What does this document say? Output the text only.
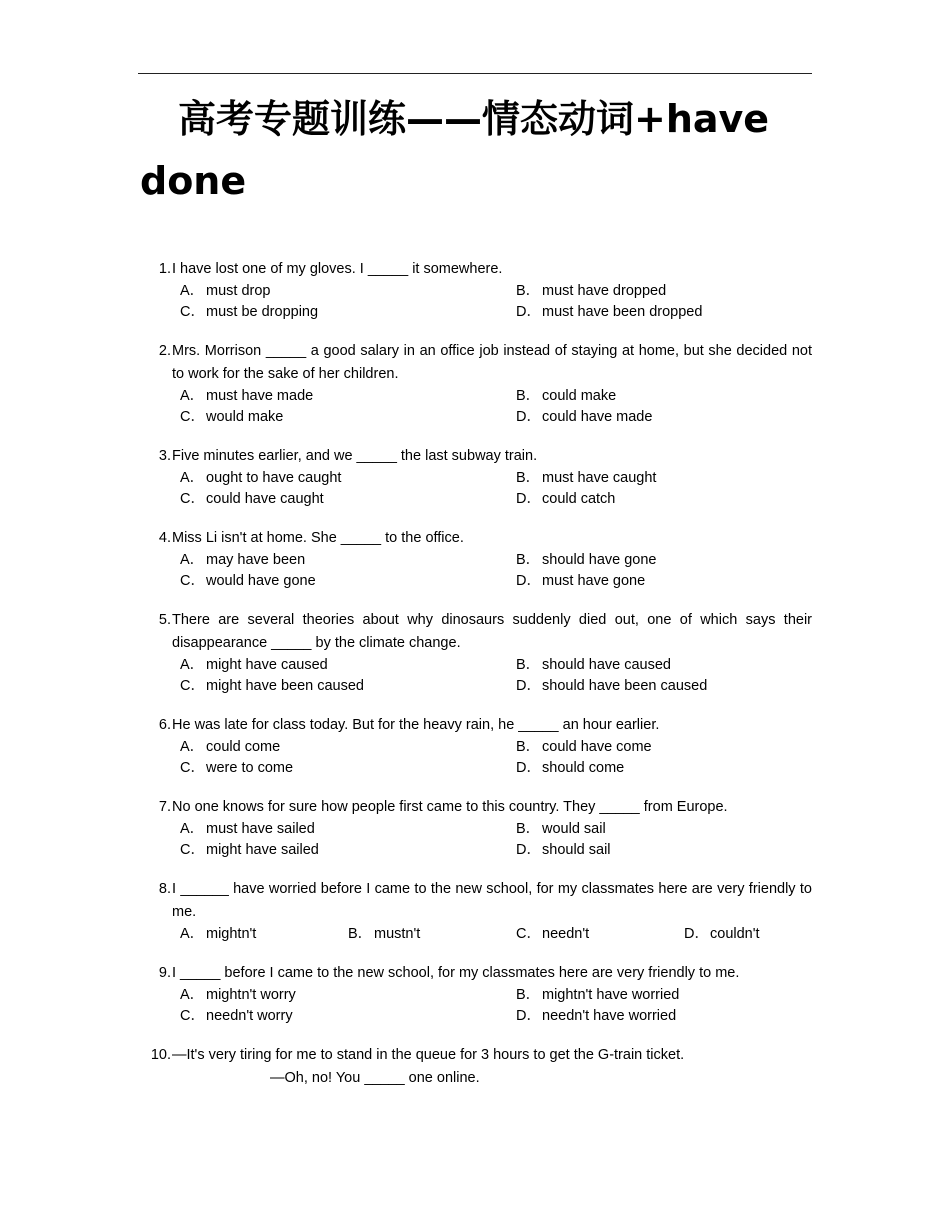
高考专题训练——情态动词+have done
1. I have lost one of my gloves. I _____ it somewhere.
A． must drop	B． must have dropped
C．must be dropping	D．must have been dropped
2. Mrs. Morrison _____ a good salary in an office job instead of staying at home, but she decided not to work for the sake of her children.
A． must have made	B． could make
C．would make	D．could have made
3. Five minutes earlier, and we _____ the last subway train.
A． ought to have caught	B． must have caught
C．could have caught	D．could catch
4. Miss Li isn't at home. She _____ to the office.
A． may have been	B． should have gone
C．would have gone	D．must have gone
5. There are several theories about why dinosaurs suddenly died out, one of which says their disappearance _____ by the climate change.
A． might have caused	B． should have caused
C．might have been caused	D．should have been caused
6. He was late for class today. But for the heavy rain, he _____ an hour earlier.
A． could come	B． could have come
C．were to come	D．should come
7. No one knows for sure how people first came to this country. They _____ from Europe.
A． must have sailed	B． would sail
C．might have sailed	D．should sail
8. I ______ have worried before I came to the new school, for my classmates here are very friendly to me.
A． mightn't	B． mustn't	C．needn't	D．couldn't
9. I _____ before I came to the new school, for my classmates here are very friendly to me.
A． mightn't worry	B． mightn't have worried
C．needn't worry	D．needn't have worried
10. —It's very tiring for me to stand in the queue for 3 hours to get the G-train ticket.
—Oh, no! You _____ one online.
